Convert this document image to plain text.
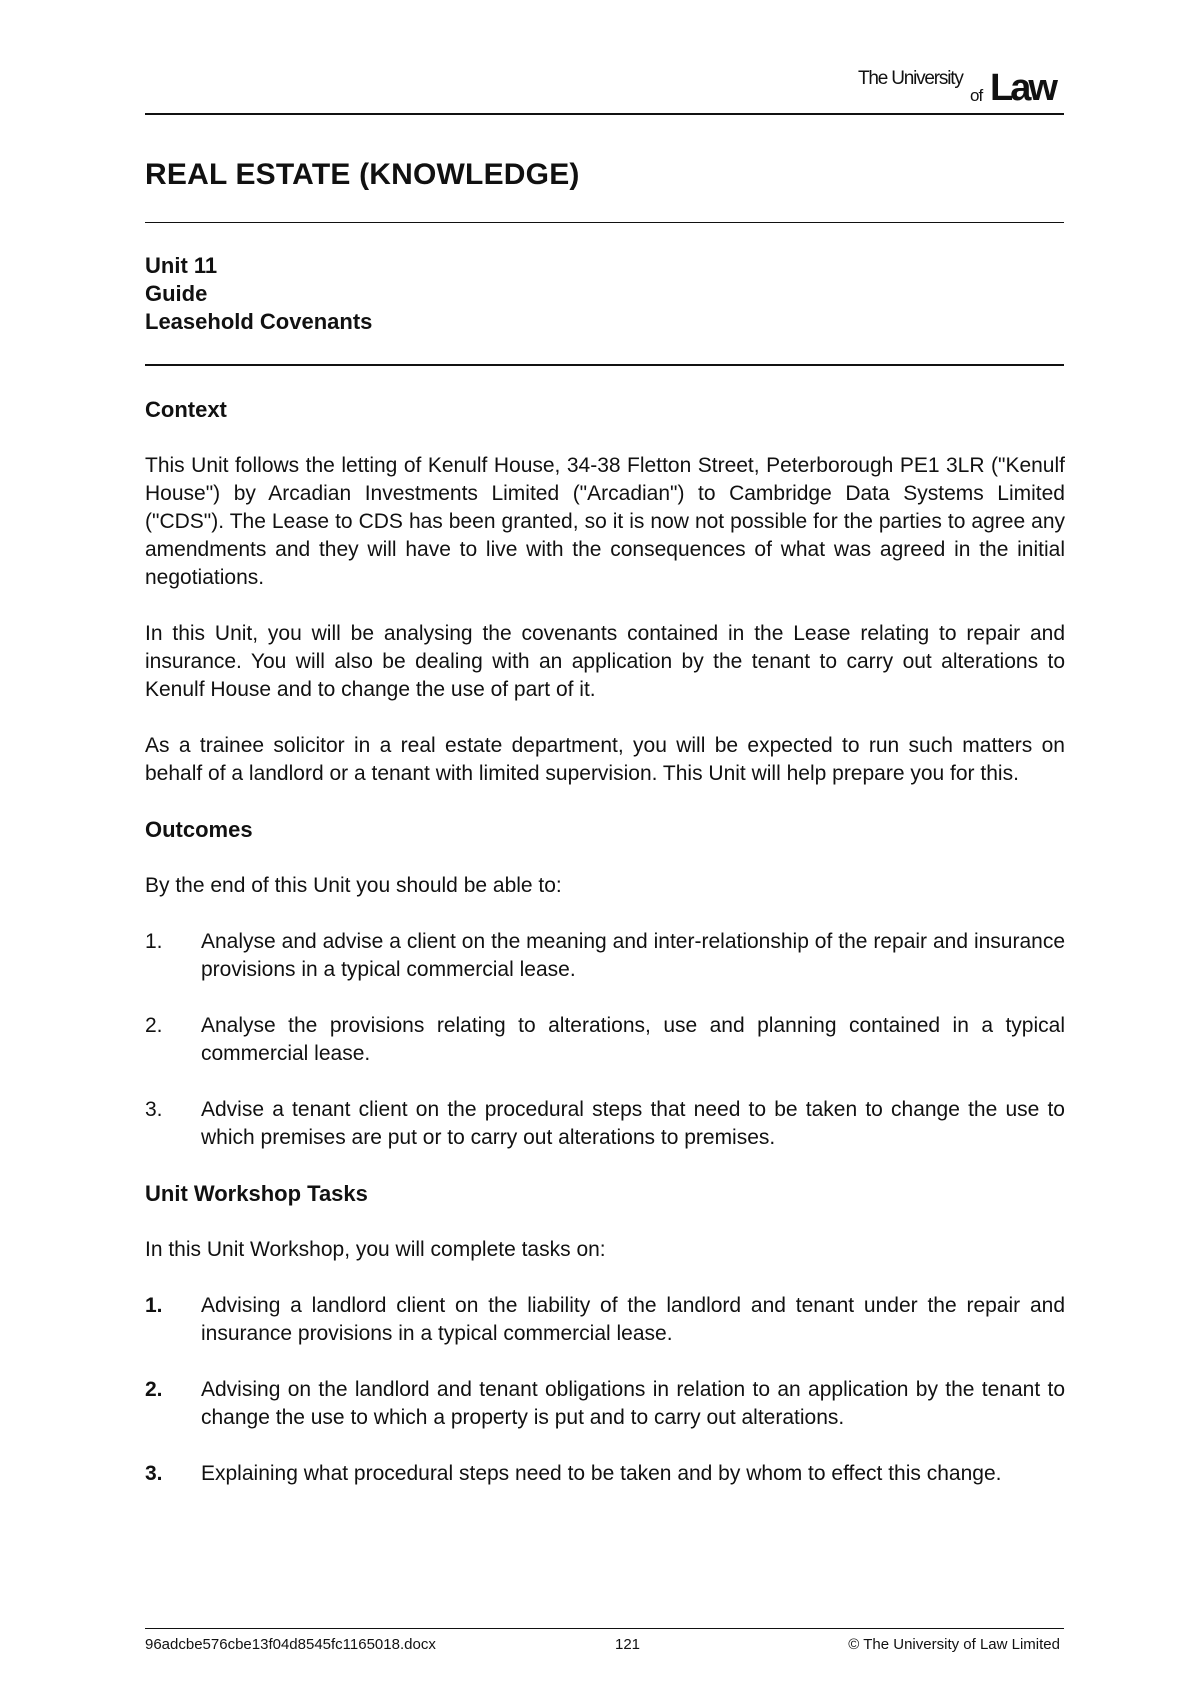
The University
of Law
REAL ESTATE (KNOWLEDGE)
Unit 11
Guide
Leasehold Covenants
Context

This Unit follows the letting of Kenulf House, 34-38 Fletton Street, Peterborough PE1 3LR ("Kenulf House") by Arcadian Investments Limited ("Arcadian") to Cambridge Data Systems Limited ("CDS"). The Lease to CDS has been granted, so it is now not possible for the parties to agree any amendments and they will have to live with the consequences of what was agreed in the initial negotiations.

In this Unit, you will be analysing the covenants contained in the Lease relating to repair and insurance. You will also be dealing with an application by the tenant to carry out alterations to Kenulf House and to change the use of part of it.

As a trainee solicitor in a real estate department, you will be expected to run such matters on behalf of a landlord or a tenant with limited supervision. This Unit will help prepare you for this.

Outcomes

By the end of this Unit you should be able to:

1.	Analyse and advise a client on the meaning and inter-relationship of the repair and insurance provisions in a typical commercial lease.
2.	Analyse the provisions relating to alterations, use and planning contained in a typical commercial lease.
3.	Advise a tenant client on the procedural steps that need to be taken to change the use to which premises are put or to carry out alterations to premises.
Unit Workshop Tasks

In this Unit Workshop, you will complete tasks on:

1.	Advising a landlord client on the liability of the landlord and tenant under the repair and insurance provisions in a typical commercial lease.
2.	Advising on the landlord and tenant obligations in relation to an application by the tenant to change the use to which a property is put and to carry out alterations.
3.	Explaining what procedural steps need to be taken and by whom to effect this change.
96adcbe576cbe13f04d8545fc1165018.docx	121	© The University of Law Limited
